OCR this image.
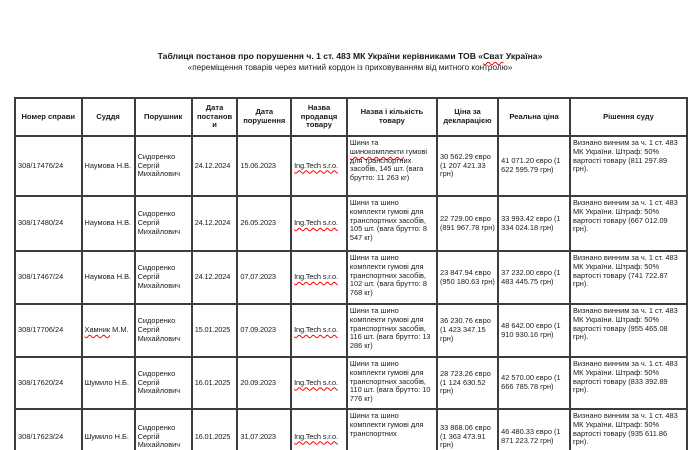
Таблиця постанов про порушення ч. 1 ст. 483 МК України керівниками ТОВ «Сват Україна»
«переміщення товарів через митний кордон із приховуванням від митного контролю»
Номер справи	Суддя	Порушник	Дата постанови	Дата порушення	Назва продавця товару	Назва і кількість товару	Ціна за декларацією	Реальна ціна	Рішення суду
308/17476/24	Наумова Н.В.	Сидоренко Сергій Михайлович	24.12.2024	15.06.2023	Ing.Tech s.r.o.	Шини та шинокомплекти гумові для транспортних засобів, 145 шт. (вага брутто: 11 263 кг)	30 562.29 євро (1 207 421.33 грн)	41 071.20 євро (1 622 595.79 грн)	Визнано винним за ч. 1 ст. 483 МК України. Штраф: 50% вартості товару (811 297.89 грн).
308/17480/24	Наумова Н.В.	Сидоренко Сергій Михайлович	24.12.2024	26.05.2023	Ing.Tech s.r.o.	Шини та шино комплекти гумові для транспортних засобів, 105 шт. (вага брутто: 8 547 кг)	22 729.00 євро (891 967.78 грн)	33 993.42 євро (1 334 024.18 грн)	Визнано винним за ч. 1 ст. 483 МК України. Штраф: 50% вартості товару (667 012.09 грн).
308/17467/24	Наумова Н.В.	Сидоренко Сергій Михайлович	24.12.2024	07.07.2023	Ing.Tech s.r.o.	Шини та шино комплекти гумові для транспортних засобів, 102 шт. (вага брутто: 8 768 кг)	23 847.94 євро (950 180.63 грн)	37 232.00 євро (1 483 445.75 грн)	Визнано винним за ч. 1 ст. 483 МК України. Штраф: 50% вартості товару (741 722.87 грн).
308/17706/24	Хамник М.М.	Сидоренко Сергій Михайлович	15.01.2025	07.09.2023	Ing.Tech s.r.o.	Шини та шино комплекти гумові для транспортних засобів, 116 шт. (вага брутто: 13 286 кг)	36 230.76 євро (1 423 347.15 грн)	48 642.00 євро (1 910 930.16 грн)	Визнано винним за ч. 1 ст. 483 МК України. Штраф: 50% вартості товару (955 465.08 грн).
308/17620/24	Шумило Н.Б.	Сидоренко Сергій Михайлович	16.01.2025	20.09.2023	Ing.Tech s.r.o.	Шини та шино комплекти гумові для транспортних засобів, 110 шт. (вага брутто: 10 776 кг)	28 723.26 євро (1 124 630.52 грн)	42 570.00 євро (1 666 785.78 грн)	Визнано винним за ч. 1 ст. 483 МК України. Штраф: 50% вартості товару (833 392.89 грн).
308/17623/24	Шумило Н.Б.	Сидоренко Сергій Михайлович	16.01.2025	31.07.2023	Ing.Tech s.r.o.	Шини та шино комплекти гумові для транспортних	33 868.06 євро (1 363 473.91 грн)	46 480.33 євро (1 871 223.72 грн)	Визнано винним за ч. 1 ст. 483 МК України. Штраф: 50% вартості товару (935 611.86 грн).
